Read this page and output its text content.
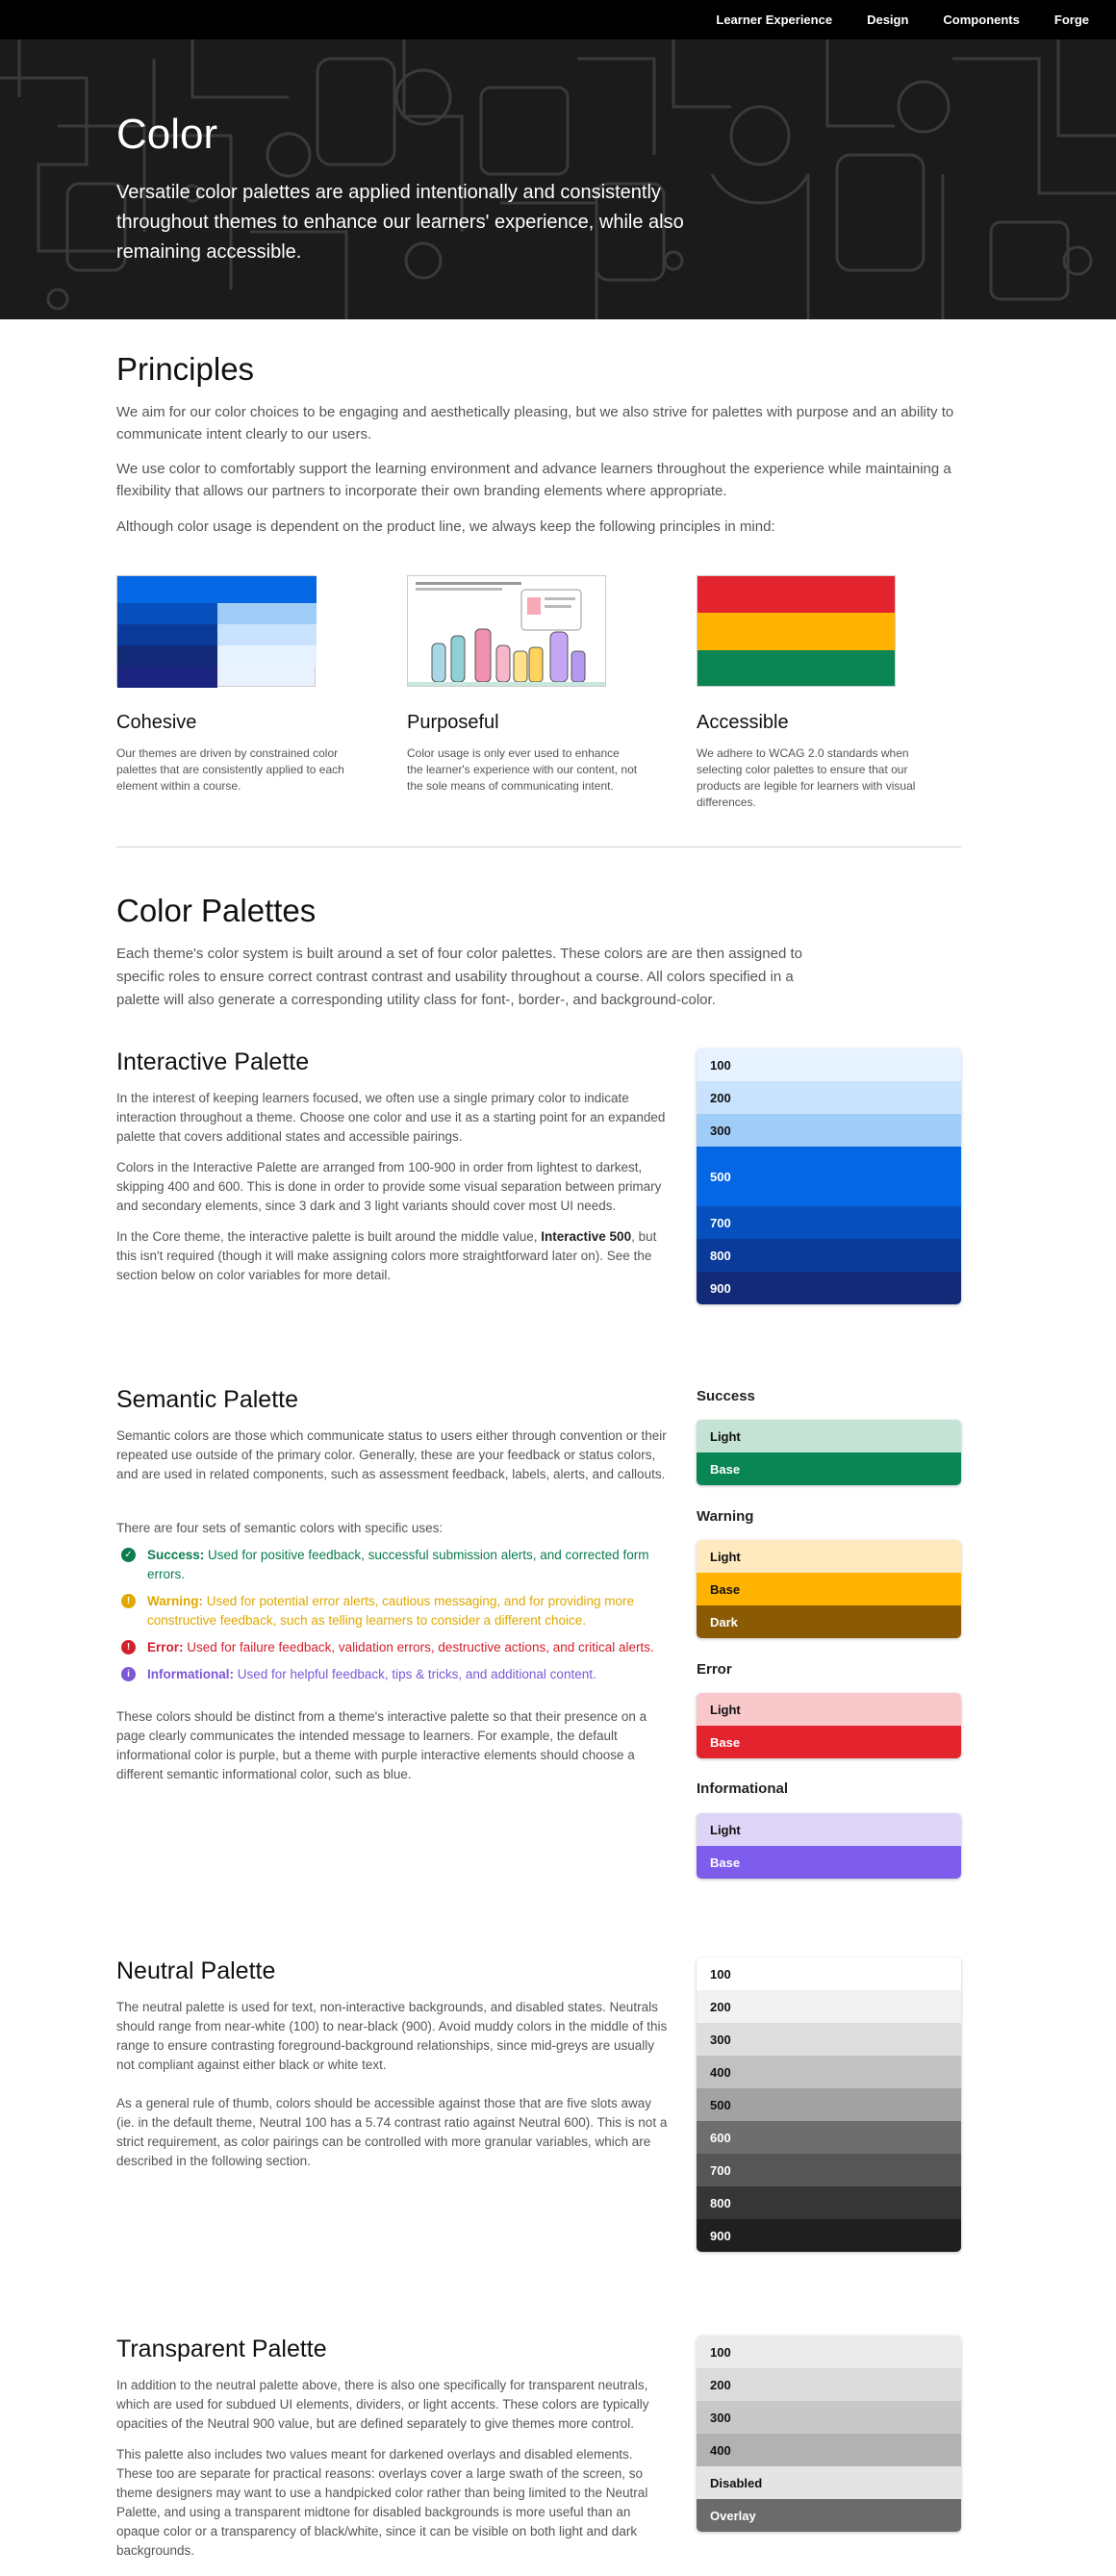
Learner Experience	Design	Components	Forge
Color

Versatile color palettes are applied intentionally and consistently throughout themes to enhance our learners' experience, while also remaining accessible.

Principles

We aim for our color choices to be engaging and aesthetically pleasing, but we also strive for palettes with purpose and an ability to communicate intent clearly to our users.

We use color to comfortably support the learning environment and advance learners throughout the experience while maintaining a flexibility that allows our partners to incorporate their own branding elements where appropriate.

Although color usage is dependent on the product line, we always keep the following principles in mind:

Cohesive

Our themes are driven by constrained color palettes that are consistently applied to each element within a course.

Purposeful

Color usage is only ever used to enhance the learner's experience with our content, not the sole means of communicating intent.

Accessible

We adhere to WCAG 2.0 standards when selecting color palettes to ensure that our products are legible for learners with visual differences.

Color Palettes

Each theme's color system is built around a set of four color palettes. These colors are are then assigned to specific roles to ensure correct contrast contrast and usability throughout a course. All colors specified in a palette will also generate a corresponding utility class for font-, border-, and background-color.

Interactive Palette

In the interest of keeping learners focused, we often use a single primary color to indicate interaction throughout a theme. Choose one color and use it as a starting point for an expanded palette that covers additional states and accessible pairings.

Colors in the Interactive Palette are arranged from 100-900 in order from lightest to darkest, skipping 400 and 600. This is done in order to provide some visual separation between primary and secondary elements, since 3 dark and 3 light variants should cover most UI needs.

In the Core theme, the interactive palette is built around the middle value, Interactive 500, but this isn't required (though it will make assigning colors more straightforward later on). See the section below on color variables for more detail.

100
200
300
500
700
800
900
Semantic Palette

Semantic colors are those which communicate status to users either through convention or their repeated use outside of the primary color. Generally, these are your feedback or status colors, and are used in related components, such as assessment feedback, labels, alerts, and callouts.

There are four sets of semantic colors with specific uses:

✓ Success: Used for positive feedback, successful submission alerts, and corrected form errors.
!	Warning: Used for potential error alerts, cautious messaging, and for providing more constructive feedback, such as telling learners to consider a different choice.
!	Error: Used for failure feedback, validation errors, destructive actions, and critical alerts.
i	Informational: Used for helpful feedback, tips & tricks, and additional content.

These colors should be distinct from a theme's interactive palette so that their presence on a page clearly communicates the intended message to learners. For example, the default informational color is purple, but a theme with purple interactive elements should choose a different semantic informational color, such as blue.

Success
Light
Base
Warning
Light
Base
Dark
Error
Light
Base
Informational
Light
Base
Neutral Palette

The neutral palette is used for text, non-interactive backgrounds, and disabled states. Neutrals should range from near-white (100) to near-black (900). Avoid muddy colors in the middle of this range to ensure contrasting foreground-background relationships, since mid-greys are usually not compliant against either black or white text.

As a general rule of thumb, colors should be accessible against those that are five slots away (ie. in the default theme, Neutral 100 has a 5.74 contrast ratio against Neutral 600). This is not a strict requirement, as color pairings can be controlled with more granular variables, which are described in the following section.

100
200
300
400
500
600
700
800
900
Transparent Palette

In addition to the neutral palette above, there is also one specifically for transparent neutrals, which are used for subdued UI elements, dividers, or light accents. These colors are typically opacities of the Neutral 900 value, but are defined separately to give themes more control.

This palette also includes two values meant for darkened overlays and disabled elements. These too are separate for practical reasons: overlays cover a large swath of the screen, so theme designers may want to use a handpicked color rather than being limited to the Neutral Palette, and using a transparent midtone for disabled backgrounds is more useful than an opaque color or a transparency of black/white, since it can be visible on both light and dark backgrounds.

100
200
300
400
Disabled
Overlay
